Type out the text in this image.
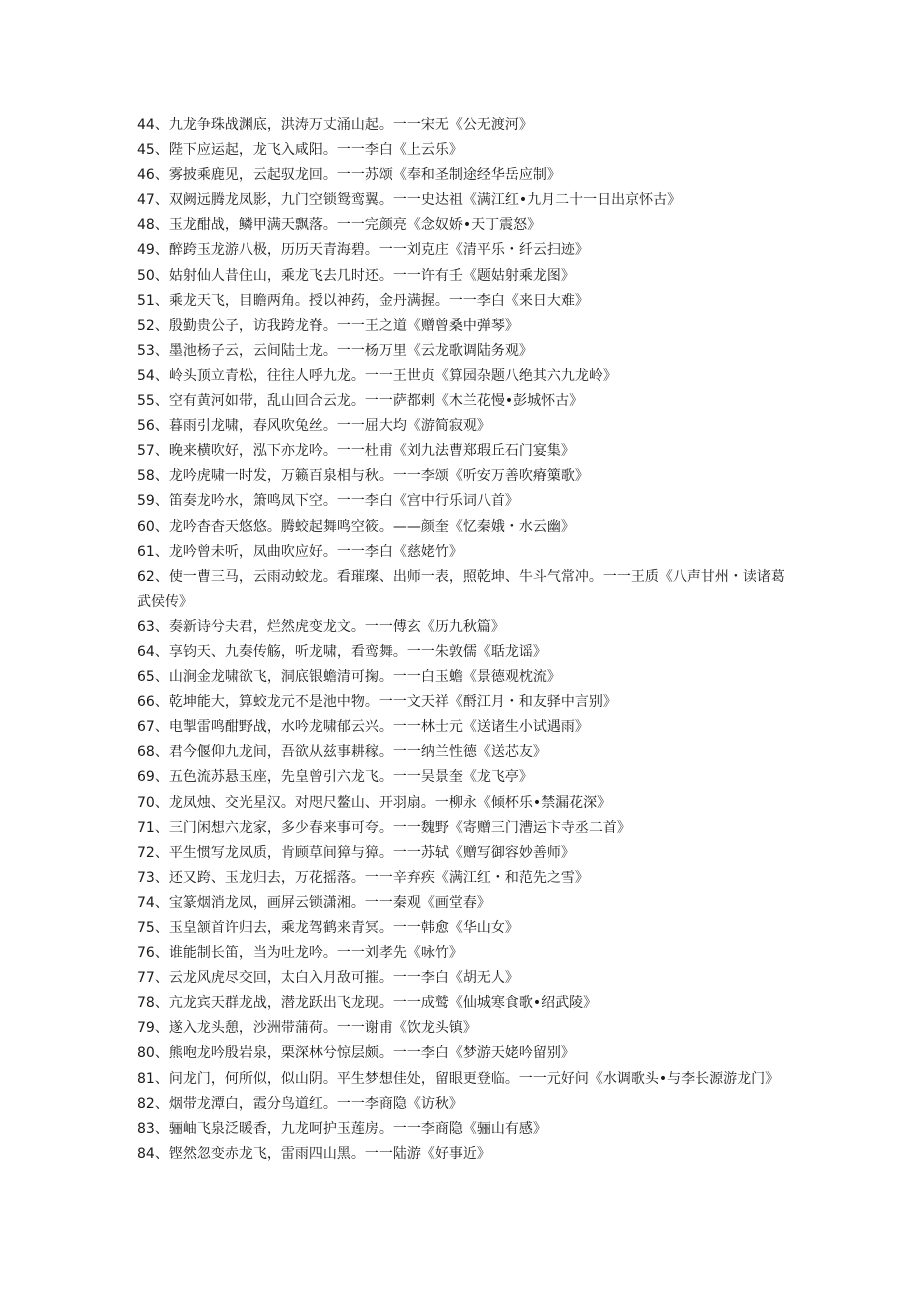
44、九龙争珠战渊底，洪涛万丈涌山起。一一宋无《公无渡河》

45、陛下应运起，龙飞入咸阳。一一李白《上云乐》

46、雾披乘鹿见，云起驭龙回。一一苏颂《奉和圣制途经华岳应制》

47、双阙远腾龙凤影，九门空锁鸳鸾翼。一一史达祖《满江红•九月二十一日出京怀古》

48、玉龙酣战，鳞甲满天飘落。一一完颜亮《念奴娇•天丁震怒》

49、醉跨玉龙游八极，历历天青海碧。一一刘克庄《清平乐・纤云扫迹》

50、姑射仙人昔住山，乘龙飞去几时还。一一许有壬《题姑射乘龙图》

51、乘龙天飞，目瞻两角。授以神药，金丹满握。一一李白《来日大难》

52、殷勤贵公子，访我跨龙脊。一一王之道《赠曾桑中弹琴》

53、墨池杨子云，云间陆士龙。一一杨万里《云龙歌调陆务观》

54、岭头顶立青松，往往人呼九龙。一一王世贞《算园杂题八绝其六九龙岭》

55、空有黄河如带，乱山回合云龙。一一萨都剌《木兰花慢•彭城怀古》

56、暮雨引龙啸，春风吹兔丝。一一屈大均《游简寂观》

57、晚来横吹好，泓下亦龙吟。一一杜甫《刘九法曹郑瑕丘石门宴集》

58、龙吟虎啸一时发，万籁百泉相与秋。一一李颂《听安万善吹瘠篥歌》

59、笛奏龙吟水，箫鸣凤下空。一一李白《宫中行乐词八首》

60、龙吟杳杳天悠悠。腾蛟起舞鸣空筱。——颜奎《忆秦娥・水云幽》

61、龙吟曾未听，凤曲吹应好。一一李白《慈姥竹》

62、使一曹三马，云雨动蛟龙。看璀璨、出师一表，照乾坤、牛斗气常冲。一一王质《八声甘州・读诸葛武侯传》

63、奏新诗兮夫君，烂然虎变龙文。一一傅玄《历九秋篇》

64、享钧天、九奏传觞，听龙啸，看鸾舞。一一朱敦儒《聒龙谣》

65、山涧金龙啸欲飞，洞底银蟾清可掬。一一白玉蟾《景德观枕流》

66、乾坤能大，算蛟龙元不是池中物。一一文天祥《酹江月・和友驿中言别》

67、电掣雷鸣酣野战，水吟龙啸郁云兴。一一林士元《送诸生小试遇雨》

68、君今偃仰九龙间，吾欲从兹事耕稼。一一纳兰性德《送芯友》

69、五色流苏悬玉座，先皇曾引六龙飞。一一吴景奎《龙飞亭》

70、龙凤烛、交光星汉。对咫尺鳌山、开羽扇。一柳永《倾杯乐•禁漏花深》

71、三门闲想六龙家，多少春来事可夸。一一魏野《寄赠三门漕运卞寺丞二首》

72、平生惯写龙凤质，肯顾草间獐与獐。一一苏轼《赠写御容妙善师》

73、还又跨、玉龙归去，万花摇落。一一辛弃疾《满江红・和范先之雪》

74、宝篆烟消龙凤，画屏云锁潇湘。一一秦观《画堂春》

75、玉皇颔首许归去，乘龙驾鹤来青冥。一一韩愈《华山女》

76、谁能制长笛，当为吐龙吟。一一刘孝先《咏竹》

77、云龙风虎尽交回，太白入月敌可摧。一一李白《胡无人》

78、亢龙宾天群龙战，潜龙跃出飞龙现。一一成鹫《仙城寒食歌•绍武陵》

79、遂入龙头憩，沙洲带蒲荷。一一谢甫《饮龙头镇》

80、熊咆龙吟殷岩泉，栗深林兮惊层颇。一一李白《梦游天姥吟留别》

81、问龙门，何所似，似山阴。平生梦想佳处，留眼更登临。一一元好问《水调歌头•与李长源游龙门》

82、烟带龙潭白，霞分鸟道红。一一李商隐《访秋》

83、骊岫飞泉泛暖香，九龙呵护玉莲房。一一李商隐《骊山有感》

84、铿然忽变赤龙飞，雷雨四山黑。一一陆游《好事近》
